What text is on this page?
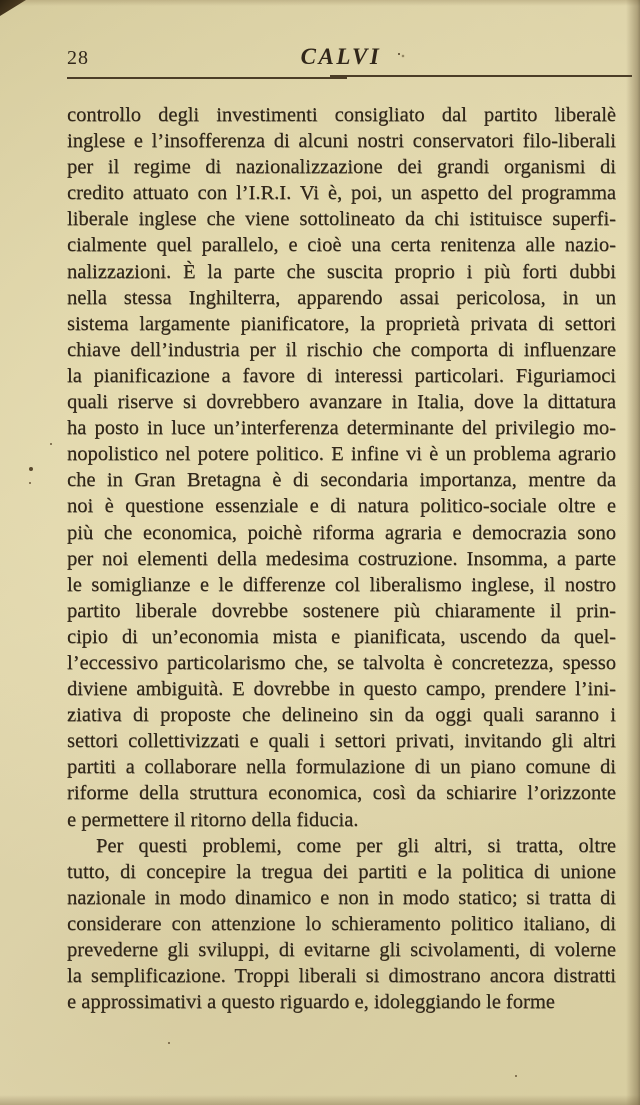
28	CALVI
controllo degli investimenti consigliato dal partito liberalè
inglese e l’insofferenza di alcuni nostri conservatori filo-liberali
per il regime di nazionalizzazione dei grandi organismi di
credito attuato con l’I.R.I. Vi è, poi, un aspetto del programma
liberale inglese che viene sottolineato da chi istituisce superfi-
cialmente quel parallelo, e cioè una certa renitenza alle nazio-
nalizzazioni. È la parte che suscita proprio i più forti dubbi
nella stessa Inghilterra, apparendo assai pericolosa, in un
sistema largamente pianificatore, la proprietà privata di settori
chiave dell’industria per il rischio che comporta di influenzare
la pianificazione a favore di interessi particolari. Figuriamoci
quali riserve si dovrebbero avanzare in Italia, dove la dittatura
ha posto in luce un’interferenza determinante del privilegio mo-
nopolistico nel potere politico. E infine vi è un problema agrario
che in Gran Bretagna è di secondaria importanza, mentre da
noi è questione essenziale e di natura politico-sociale oltre e
più che economica, poichè riforma agraria e democrazia sono
per noi elementi della medesima costruzione. Insomma, a parte
le somiglianze e le differenze col liberalismo inglese, il nostro
partito liberale dovrebbe sostenere più chiaramente il prin-
cipio di un’economia mista e pianificata, uscendo da quel-
l’eccessivo particolarismo che, se talvolta è concretezza, spesso
diviene ambiguità. E dovrebbe in questo campo, prendere l’ini-
ziativa di proposte che delineino sin da oggi quali saranno i
settori collettivizzati e quali i settori privati, invitando gli altri
partiti a collaborare nella formulazione di un piano comune di
riforme della struttura economica, così da schiarire l’orizzonte
e permettere il ritorno della fiducia.
Per questi problemi, come per gli altri, si tratta, oltre
tutto, di concepire la tregua dei partiti e la politica di unione
nazionale in modo dinamico e non in modo statico; si tratta di
considerare con attenzione lo schieramento politico italiano, di
prevederne gli sviluppi, di evitarne gli scivolamenti, di volerne
la semplificazione. Troppi liberali si dimostrano ancora distratti
e approssimativi a questo riguardo e, idoleggiando le forme
